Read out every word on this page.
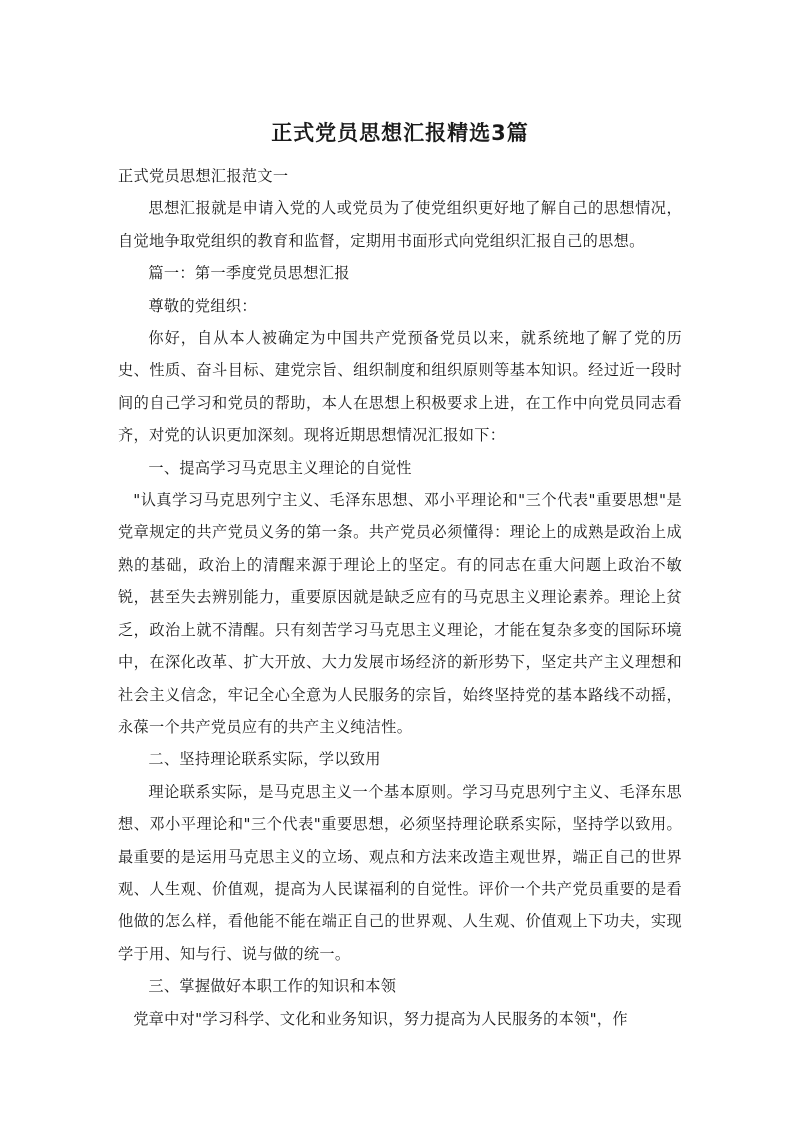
正式党员思想汇报精选3篇

正式党员思想汇报范文一

思想汇报就是申请入党的人或党员为了使党组织更好地了解自己的思想情况，自觉地争取党组织的教育和监督，定期用书面形式向党组织汇报自己的思想。

篇一：第一季度党员思想汇报

尊敬的党组织：

你好，自从本人被确定为中国共产党预备党员以来，就系统地了解了党的历史、性质、奋斗目标、建党宗旨、组织制度和组织原则等基本知识。经过近一段时间的自己学习和党员的帮助，本人在思想上积极要求上进，在工作中向党员同志看齐，对党的认识更加深刻。现将近期思想情况汇报如下：

一、提高学习马克思主义理论的自觉性

"认真学习马克思列宁主义、毛泽东思想、邓小平理论和"三个代表"重要思想"是党章规定的共产党员义务的第一条。共产党员必须懂得：理论上的成熟是政治上成熟的基础，政治上的清醒来源于理论上的坚定。有的同志在重大问题上政治不敏锐，甚至失去辨别能力，重要原因就是缺乏应有的马克思主义理论素养。理论上贫乏，政治上就不清醒。只有刻苦学习马克思主义理论，才能在复杂多变的国际环境中，在深化改革、扩大开放、大力发展市场经济的新形势下，坚定共产主义理想和社会主义信念，牢记全心全意为人民服务的宗旨，始终坚持党的基本路线不动摇，永葆一个共产党员应有的共产主义纯洁性。

二、坚持理论联系实际，学以致用

理论联系实际，是马克思主义一个基本原则。学习马克思列宁主义、毛泽东思想、邓小平理论和"三个代表"重要思想，必须坚持理论联系实际，坚持学以致用。最重要的是运用马克思主义的立场、观点和方法来改造主观世界，端正自己的世界观、人生观、价值观，提高为人民谋福利的自觉性。评价一个共产党员重要的是看他做的怎么样，看他能不能在端正自己的世界观、人生观、价值观上下功夫，实现学于用、知与行、说与做的统一。

三、掌握做好本职工作的知识和本领

党章中对"学习科学、文化和业务知识，努力提高为人民服务的本领"，作
